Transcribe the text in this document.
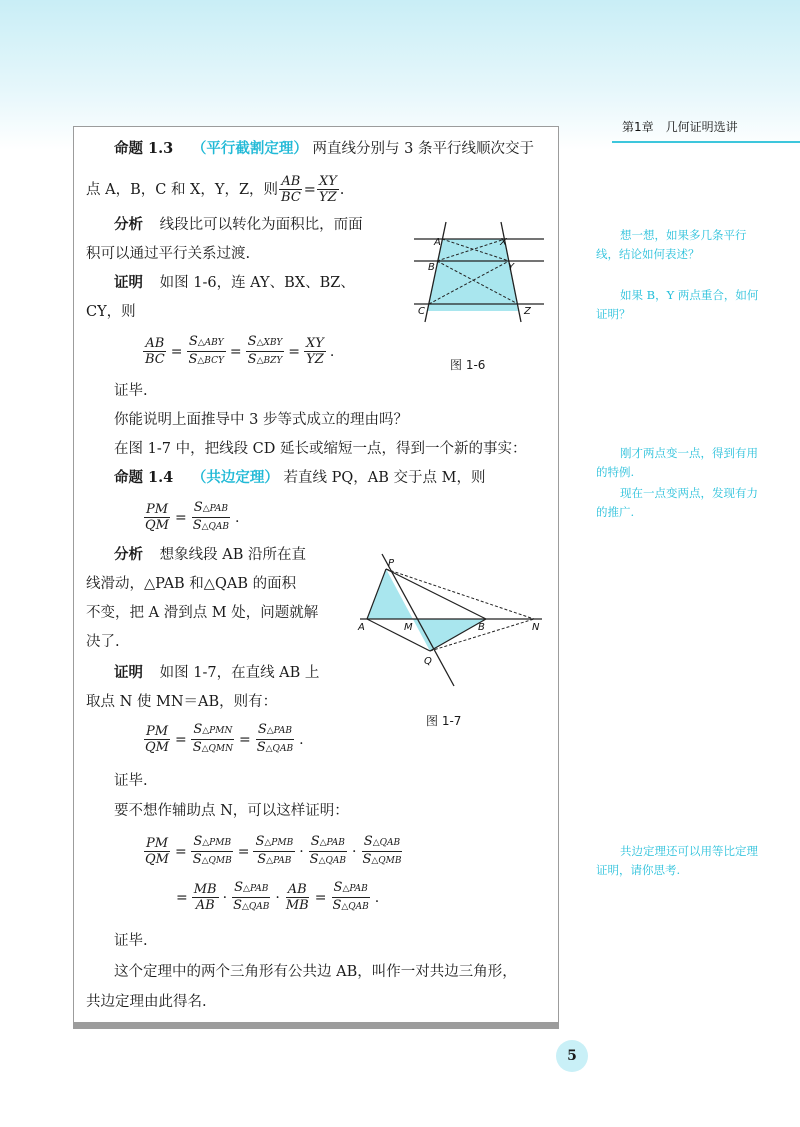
第1章　几何证明选讲
命题 1.3 （平行截割定理） 两直线分别与 3 条平行线顺次交于
点 A，B，C 和 X，Y，Z，则 $\frac{AB}{BC} = \frac{XY}{YZ}$ .
分析 线段比可以转化为面积比，而面
积可以通过平行关系过渡.
证明 如图 1-6，连 AY、BX、BZ、
CY，则
$\frac{AB}{BC} = \frac{\text{S△ABY}}{\text{S△BCY}} = \frac{\text{S△XBY}}{\text{S△BZY}} = \frac{XY}{YZ}$ .
A	X
B	Y
C	Z
图 1-6
证毕.
你能说明上面推导中 3 步等式成立的理由吗？
在图 1-7 中，把线段 CD 延长或缩短一点，得到一个新的事实：
命题 1.4 （共边定理） 若直线 PQ，AB 交于点 M，则
$\frac{PM}{QM} = \frac{\text{S△PAB}}{\text{S△QAB}}$ .
分析 想象线段 AB 沿所在直
线滑动，△PAB 和△QAB 的面积
不变，把 A 滑到点 M 处，问题就解
决了.
P
A	M	B	N
Q
图 1-7
证明 如图 1-7，在直线 AB 上
取点 N 使 MN＝AB，则有：
$\frac{PM}{QM} = \frac{\text{S△PMN}}{\text{S△QMN}} = \frac{\text{S△PAB}}{\text{S△QAB}}$ .
证毕.
要不想作辅助点 N，可以这样证明：
$\frac{PM}{QM} = \frac{\text{S△PMB}}{\text{S△QMB}} = \frac{\text{S△PMB}}{\text{S△PAB}} \cdot \frac{\text{S△PAB}}{\text{S△QAB}} \cdot \frac{\text{S△QAB}}{\text{S△QMB}}$
= $\frac{MB}{AB} \cdot \frac{\text{S△PAB}}{\text{S△QAB}} \cdot \frac{AB}{MB} = \frac{\text{S△PAB}}{\text{S△QAB}}$ .
证毕.
这个定理中的两个三角形有公共边 AB，叫作一对共边三角形，
共边定理由此得名.
想一想，如果多几条平行线，结论如何表述？
如果 B，Y 两点重合，如何证明？
刚才两点变一点，得到有用的特例.
现在一点变两点，发现有力的推广.
共边定理还可以用等比定理证明，请你思考.
5
